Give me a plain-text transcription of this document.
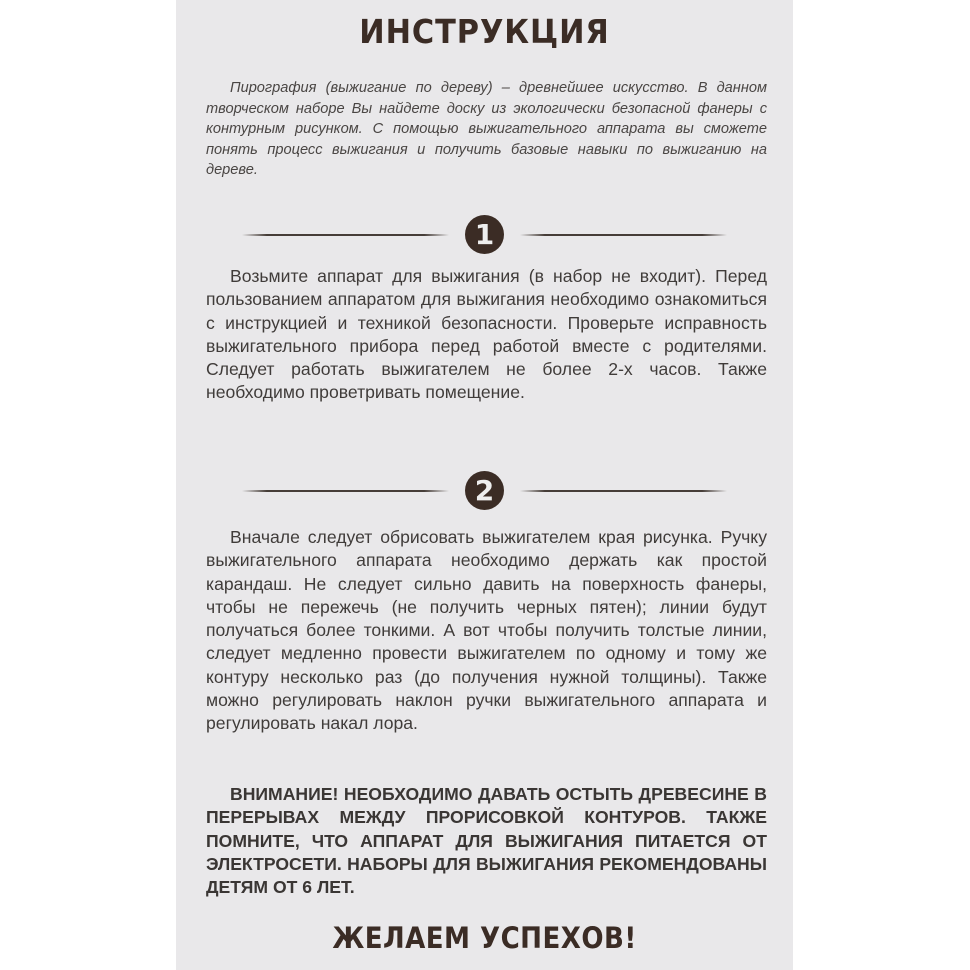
ИНСТРУКЦИЯ

Пирография (выжигание по дереву) – древнейшее искусство. В данном творческом наборе Вы найдете доску из экологически безопасной фанеры с контурным рисунком. С помощью выжигательного аппарата вы сможете понять процесс выжигания и получить базовые навыки по выжиганию на дереве.

1

Возьмите аппарат для выжигания (в набор не входит). Перед пользованием аппаратом для выжигания необходимо ознакомиться с инструкцией и техникой безопасности. Проверьте исправность выжигательного прибора перед работой вместе с родителями. Следует работать выжигателем не более 2-х часов. Также необходимо проветривать помещение.

2

Вначале следует обрисовать выжигателем края рисунка. Ручку выжигательного аппарата необходимо держать как простой карандаш. Не следует сильно давить на поверхность фанеры, чтобы не пережечь (не получить черных пятен); линии будут получаться более тонкими. А вот чтобы получить толстые линии, следует медленно провести выжигателем по одному и тому же контуру несколько раз (до получения нужной толщины). Также можно регулировать наклон ручки выжигательного аппарата и регулировать накал лора.

ВНИМАНИЕ! НЕОБХОДИМО ДАВАТЬ ОСТЫТЬ ДРЕВЕСИНЕ В ПЕРЕРЫВАХ МЕЖДУ ПРОРИСОВКОЙ КОНТУРОВ. ТАКЖЕ ПОМНИТЕ, ЧТО АППАРАТ ДЛЯ ВЫЖИГАНИЯ ПИТАЕТСЯ ОТ ЭЛЕКТРОСЕТИ. НАБОРЫ ДЛЯ ВЫЖИГАНИЯ РЕКОМЕНДОВАНЫ ДЕТЯМ ОТ 6 ЛЕТ.

ЖЕЛАЕМ УСПЕХОВ!
